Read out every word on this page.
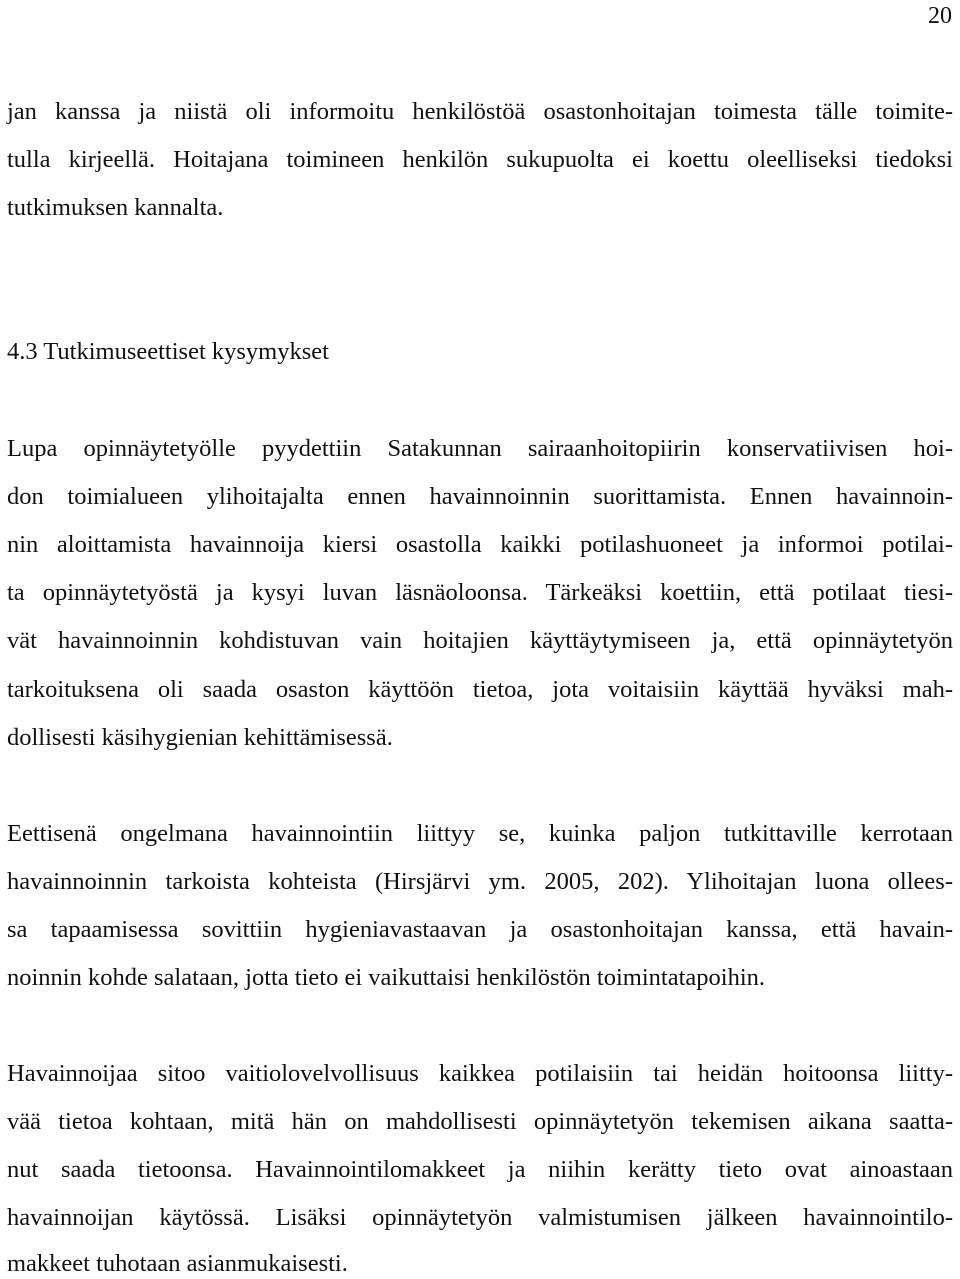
20
jan kanssa ja niistä oli informoitu henkilöstöä osastonhoitajan toimesta tälle toimite-
tulla kirjeellä. Hoitajana toimineen henkilön sukupuolta ei koettu oleelliseksi tiedoksi
tutkimuksen kannalta.
4.3 Tutkimuseettiset kysymykset
Lupa opinnäytetyölle pyydettiin Satakunnan sairaanhoitopiirin konservatiivisen hoi-
don toimialueen ylihoitajalta ennen havainnoinnin suorittamista. Ennen havainnoin-
nin aloittamista havainnoija kiersi osastolla kaikki potilashuoneet ja informoi potilai-
ta opinnäytetyöstä ja kysyi luvan läsnäoloonsa. Tärkeäksi koettiin, että potilaat tiesi-
vät havainnoinnin kohdistuvan vain hoitajien käyttäytymiseen ja, että opinnäytetyön
tarkoituksena oli saada osaston käyttöön tietoa, jota voitaisiin käyttää hyväksi mah-
dollisesti käsihygienian kehittämisessä.
Eettisenä ongelmana havainnointiin liittyy se, kuinka paljon tutkittaville kerrotaan
havainnoinnin tarkoista kohteista (Hirsjärvi ym. 2005, 202). Ylihoitajan luona ollees-
sa tapaamisessa sovittiin hygieniavastaavan ja osastonhoitajan kanssa, että havain-
noinnin kohde salataan, jotta tieto ei vaikuttaisi henkilöstön toimintatapoihin.
Havainnoijaa sitoo vaitiolovelvollisuus kaikkea potilaisiin tai heidän hoitoonsa liitty-
vää tietoa kohtaan, mitä hän on mahdollisesti opinnäytetyön tekemisen aikana saatta-
nut saada tietoonsa. Havainnointilomakkeet ja niihin kerätty tieto ovat ainoastaan
havainnoijan käytössä. Lisäksi opinnäytetyön valmistumisen jälkeen havainnointilo-
makkeet tuhotaan asianmukaisesti.
